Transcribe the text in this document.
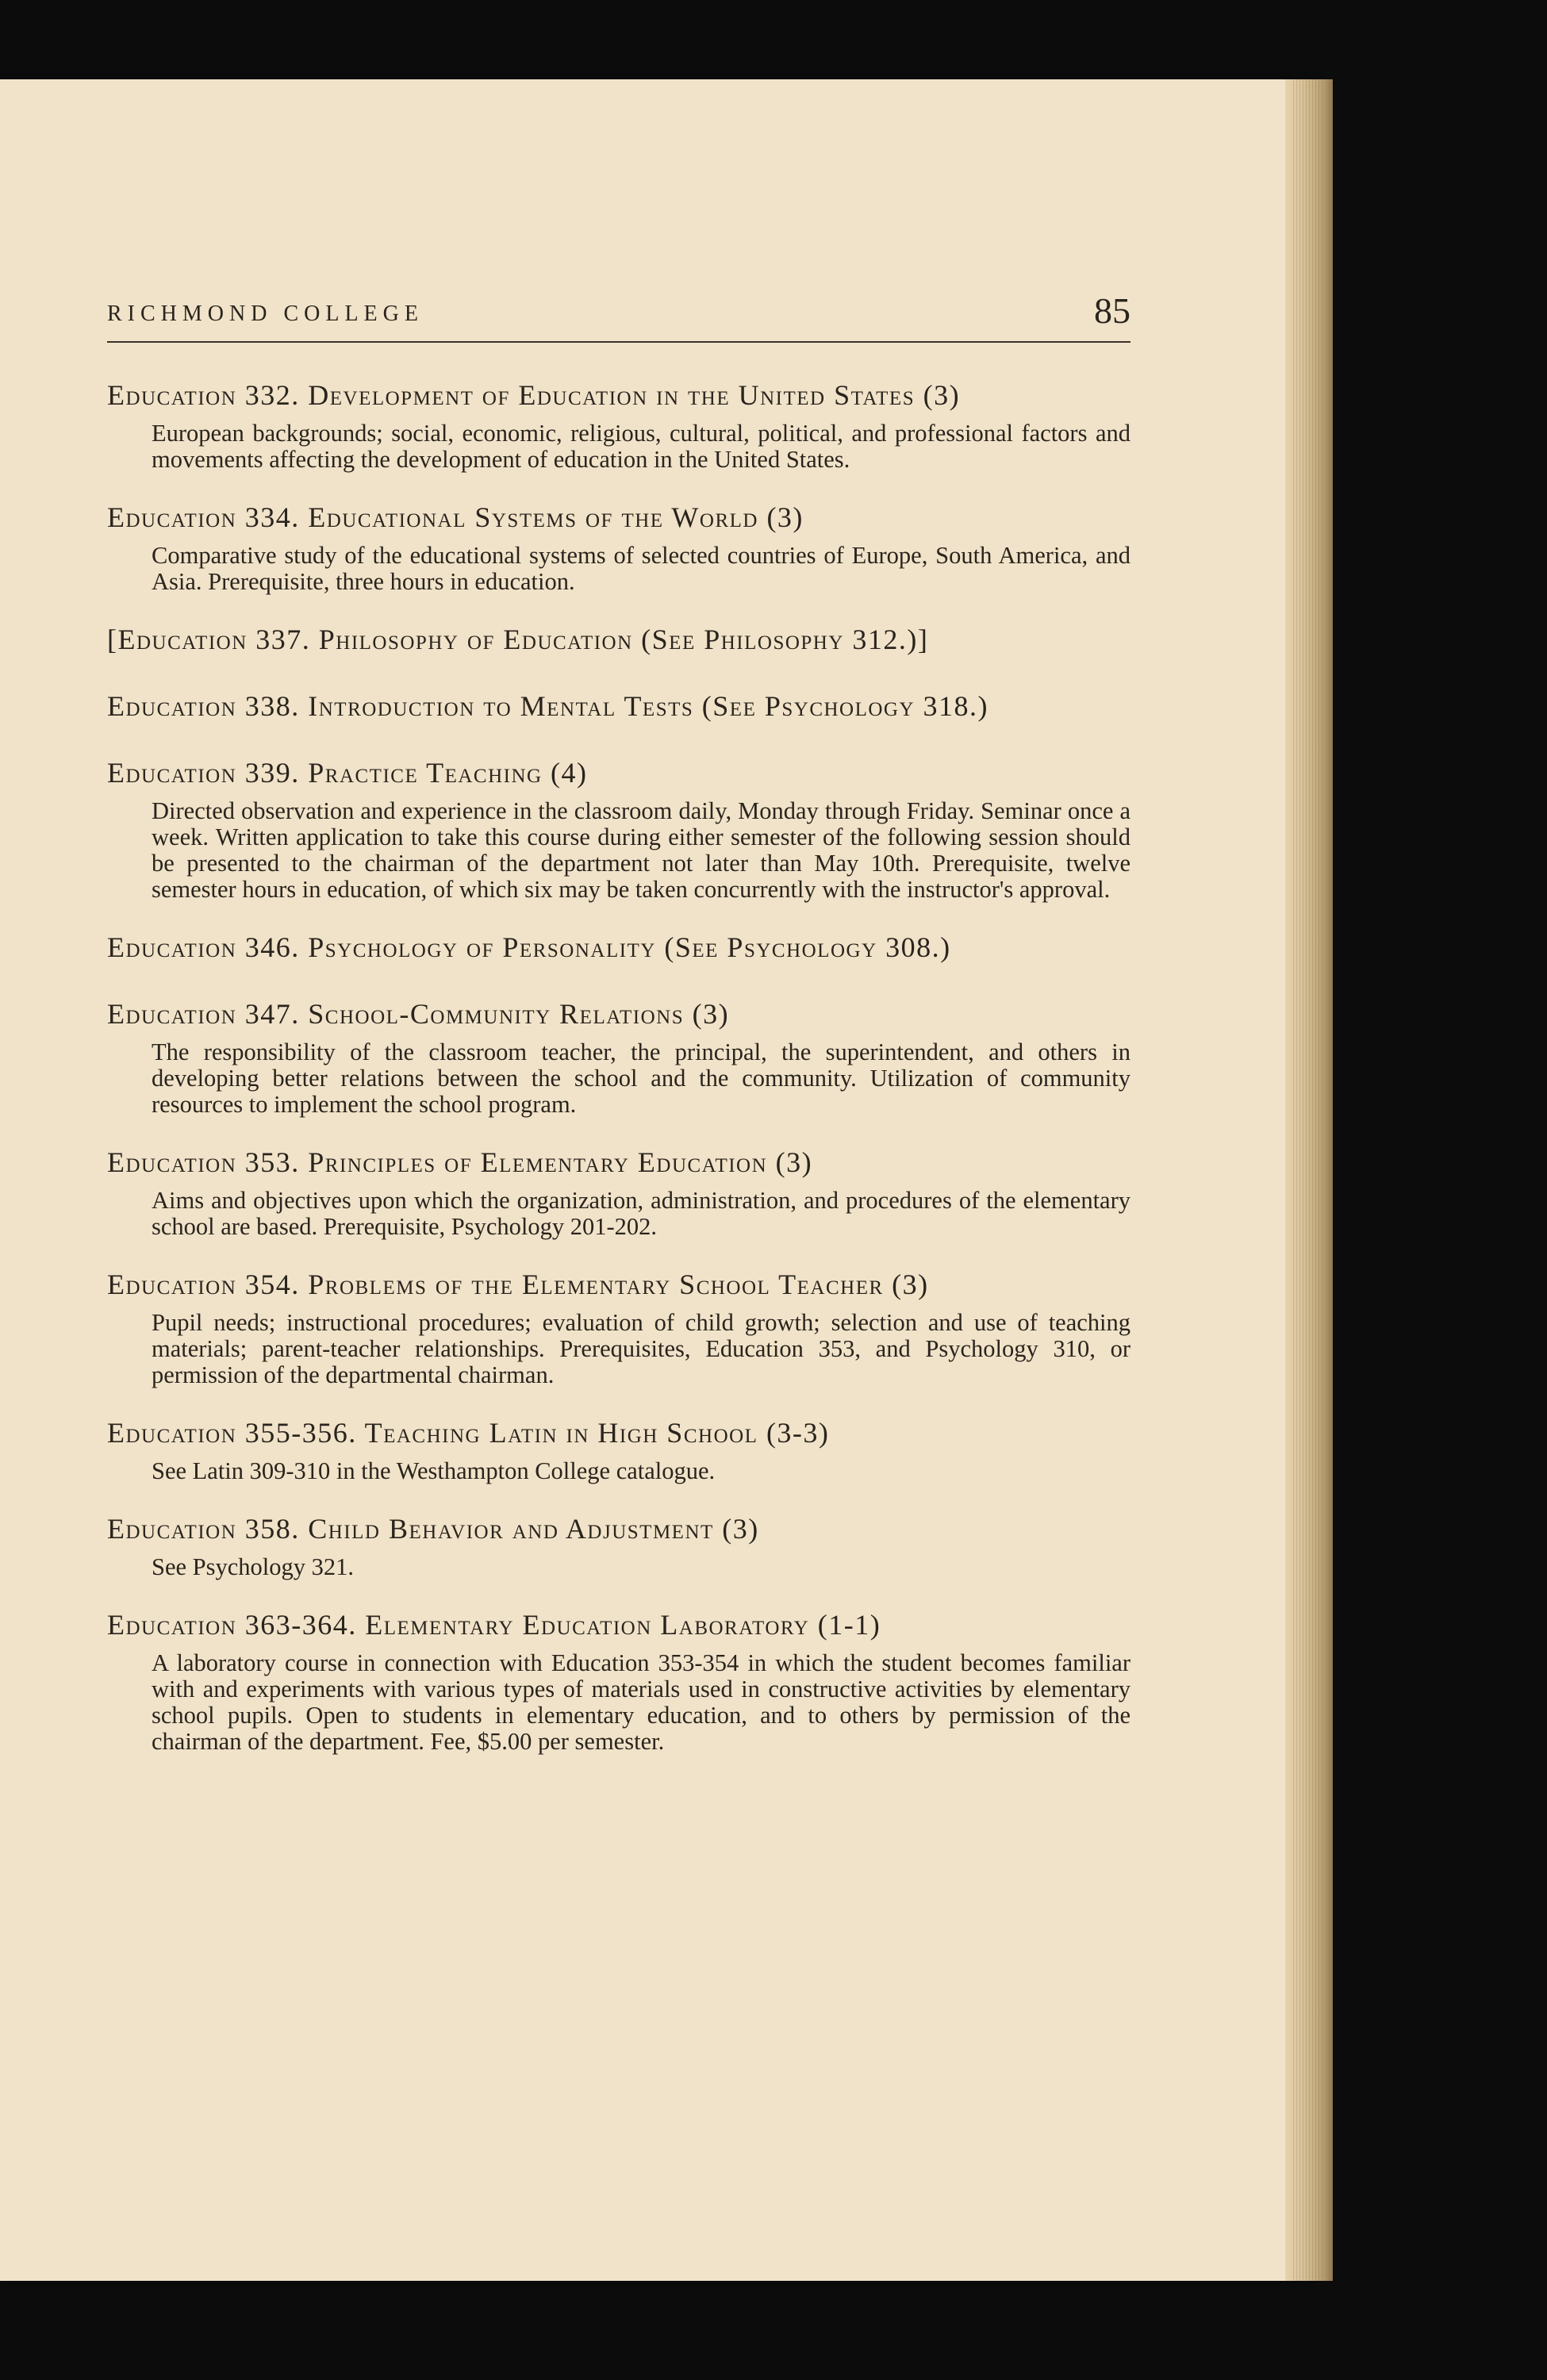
RICHMOND COLLEGE	85
Education 332. Development of Education in the United States (3)
European backgrounds; social, economic, religious, cultural, political, and professional factors and movements affecting the development of education in the United States.
Education 334. Educational Systems of the World (3)
Comparative study of the educational systems of selected countries of Europe, South America, and Asia. Prerequisite, three hours in education.
[Education 337. Philosophy of Education (See Philosophy 312.)]
Education 338. Introduction to Mental Tests (See Psychology 318.)
Education 339. Practice Teaching (4)
Directed observation and experience in the classroom daily, Monday through Friday. Seminar once a week. Written application to take this course during either semester of the following session should be presented to the chairman of the department not later than May 10th. Prerequisite, twelve semester hours in education, of which six may be taken concurrently with the instructor's approval.
Education 346. Psychology of Personality (See Psychology 308.)
Education 347. School-Community Relations (3)
The responsibility of the classroom teacher, the principal, the superintendent, and others in developing better relations between the school and the community. Utilization of community resources to implement the school program.
Education 353. Principles of Elementary Education (3)
Aims and objectives upon which the organization, administration, and procedures of the elementary school are based. Prerequisite, Psychology 201-202.
Education 354. Problems of the Elementary School Teacher (3)
Pupil needs; instructional procedures; evaluation of child growth; selection and use of teaching materials; parent-teacher relationships. Prerequisites, Education 353, and Psychology 310, or permission of the departmental chairman.
Education 355-356. Teaching Latin in High School (3-3)
See Latin 309-310 in the Westhampton College catalogue.
Education 358. Child Behavior and Adjustment (3)
See Psychology 321.
Education 363-364. Elementary Education Laboratory (1-1)
A laboratory course in connection with Education 353-354 in which the student becomes familiar with and experiments with various types of materials used in constructive activities by elementary school pupils. Open to students in elementary education, and to others by permission of the chairman of the department. Fee, $5.00 per semester.
